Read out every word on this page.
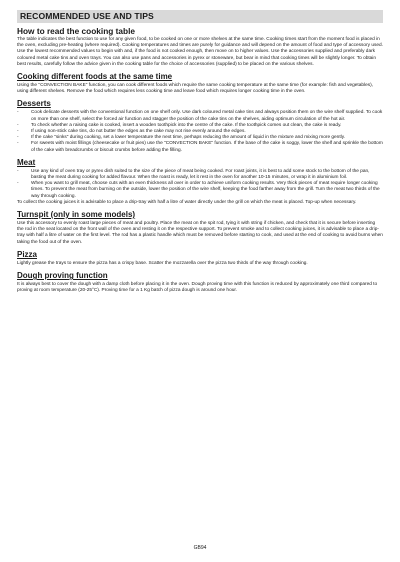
RECOMMENDED USE AND TIPS
How to read the cooking table

The table indicates the best function to use for any given food, to be cooked on one or more shelves at the same time. Cooking times start from the moment food is placed in the oven, excluding pre-heating (where required). Cooking temperatures and times are purely for guidance and will depend on the amount of food and type of accessory used. Use the lowest recommended values to begin with and, if the food is not cooked enough, then move on to higher values. Use the accessories supplied and preferably dark coloured metal cake tins and oven trays. You can also use pans and accessories in pyrex or stoneware, but bear in mind that cooking times will be slightly longer. To obtain best results, carefully follow the advice given in the cooking table for the choice of accessories (supplied) to be placed on the various shelves.

Cooking different foods at the same time

Using the "CONVECTION BAKE" function, you can cook different foods which require the same cooking temperature at the same time (for example: fish and vegetables), using different shelves. Remove the food which requires less cooking time and leave food which requires longer cooking time in the oven.

Desserts
-	Cook delicate desserts with the conventional function on one shelf only. Use dark coloured metal cake tins and always position them on the wire shelf supplied. To cook on more than one shelf, select the forced air function and stagger the position of the cake tins on the shelves, aiding optimum circulation of the hot air.
-	To check whether a raising cake is cooked, insert a wooden toothpick into the centre of the cake. If the toothpick comes out clean, the cake is ready.
-	If using non-stick cake tins, do not butter the edges as the cake may not rise evenly around the edges.
-	If the cake "sinks" during cooking, set a lower temperature the next time, perhaps reducing the amount of liquid in the mixture and mixing more gently.
-	For sweets with moist fillings (cheesecake or fruit pies) use the "CONVECTION BAKE" function. If the base of the cake is soggy, lower the shelf and sprinkle the bottom of the cake with breadcrumbs or biscuit crumbs before adding the filling.
Meat
-	Use any kind of oven tray or pyrex dish suited to the size of the piece of meat being cooked. For roast joints, it is best to add some stock to the bottom of the pan, basting the meat during cooking for added flavour. When the roast is ready, let it rest in the oven for another 10-15 minutes, or wrap it in aluminium foil.
-	When you want to grill meat, choose cuts with an even thickness all over in order to achieve uniform cooking results. Very thick pieces of meat require longer cooking times. To prevent the meat from burning on the outside, lower the position of the wire shelf, keeping the food farther away from the grill. Turn the meat two thirds of the way through cooking.

To collect the cooking juices it is advisable to place a drip-tray with half a litre of water directly under the grill on which the meat is placed. Top-up when necessary.

Turnspit (only in some models)

Use this accessory to evenly roast large pieces of meat and poultry. Place the meat on the spit rod, tying it with string if chicken, and check that it is secure before inserting the rod in the seat located on the front wall of the oven and resting it on the respective support. To prevent smoke and to collect cooking juices, it is advisable to place a drip-tray with half a litre of water on the first level. The rod has a plastic handle which must be removed before starting to cook, and used at the end of cooking to avoid burns when taking the food out of the oven.

Pizza

Lightly grease the trays to ensure the pizza has a crispy base. Scatter the mozzarella over the pizza two thirds of the way through cooking.

Dough proving function

It is always best to cover the dough with a damp cloth before placing it in the oven. Dough proving time with this function is reduced by approximately one third compared to proving at room temperature (20-25°C). Proving time for a 1 Kg batch of pizza dough is around one hour.

GB94
